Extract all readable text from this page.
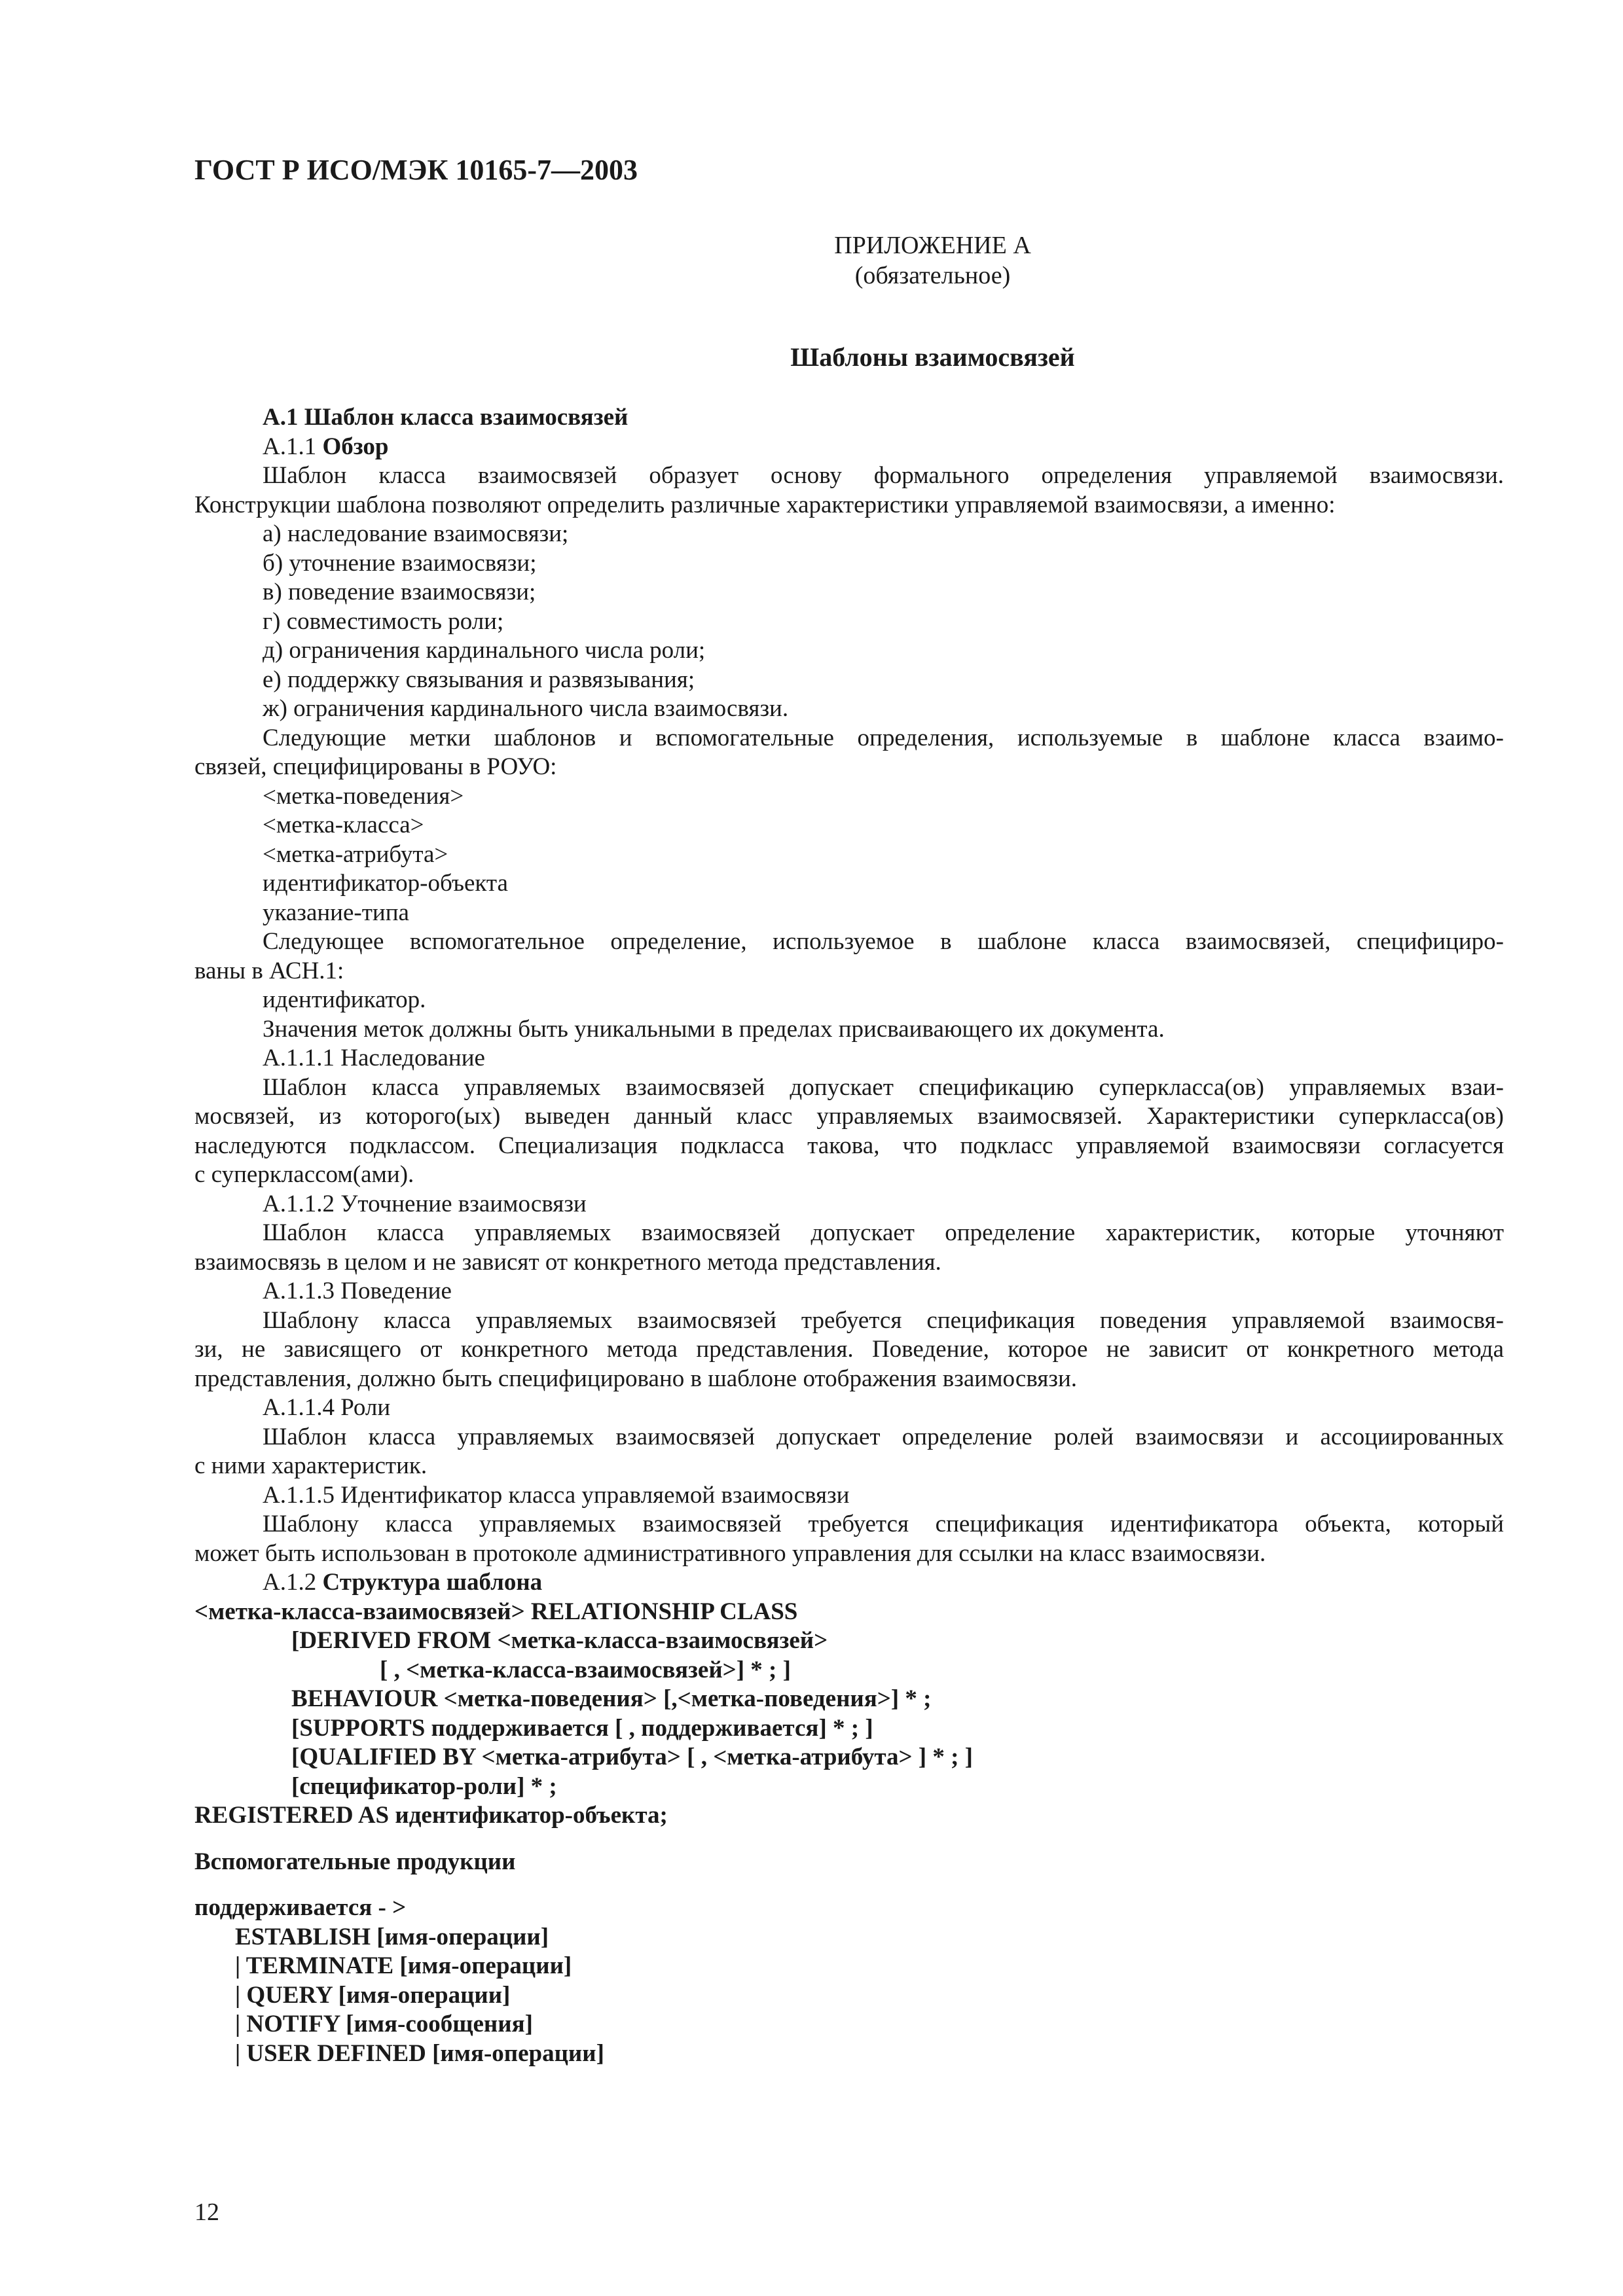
ГОСТ Р ИСО/МЭК 10165-7—2003
ПРИЛОЖЕНИЕ А
(обязательное)
Шаблоны взаимосвязей
А.1 Шаблон класса взаимосвязей
А.1.1 Обзор
Шаблон класса взаимосвязей образует основу формального определения управляемой взаимосвязи.
Конструкции шаблона позволяют определить различные характеристики управляемой взаимосвязи, а именно:
а) наследование взаимосвязи;
б) уточнение взаимосвязи;
в) поведение взаимосвязи;
г) совместимость роли;
д) ограничения кардинального числа роли;
е) поддержку связывания и развязывания;
ж) ограничения кардинального числа взаимосвязи.
Следующие метки шаблонов и вспомогательные определения, используемые в шаблоне класса взаимо-
связей, специфицированы в РОУО:
<метка-поведения>
<метка-класса>
<метка-атрибута>
идентификатор-объекта
указание-типа
Следующее вспомогательное определение, используемое в шаблоне класса взаимосвязей, специфициро-
ваны в АСН.1:
идентификатор.
Значения меток должны быть уникальными в пределах присваивающего их документа.
А.1.1.1 Наследование
Шаблон класса управляемых взаимосвязей допускает спецификацию суперкласса(ов) управляемых взаи-
мосвязей, из которого(ых) выведен данный класс управляемых взаимосвязей. Характеристики суперкласса(ов)
наследуются подклассом. Специализация подкласса такова, что подкласс управляемой взаимосвязи согласуется
с суперклассом(ами).
А.1.1.2 Уточнение взаимосвязи
Шаблон класса управляемых взаимосвязей допускает определение характеристик, которые уточняют
взаимосвязь в целом и не зависят от конкретного метода представления.
А.1.1.3 Поведение
Шаблону класса управляемых взаимосвязей требуется спецификация поведения управляемой взаимосвя-
зи, не зависящего от конкретного метода представления. Поведение, которое не зависит от конкретного метода
представления, должно быть специфицировано в шаблоне отображения взаимосвязи.
А.1.1.4 Роли
Шаблон класса управляемых взаимосвязей допускает определение ролей взаимосвязи и ассоциированных
с ними характеристик.
А.1.1.5 Идентификатор класса управляемой взаимосвязи
Шаблону класса управляемых взаимосвязей требуется спецификация идентификатора объекта, который
может быть использован в протоколе административного управления для ссылки на класс взаимосвязи.
А.1.2 Структура шаблона
<метка-класса-взаимосвязей> RELATIONSHIP CLASS
[DERIVED FROM <метка-класса-взаимосвязей>
[ , <метка-класса-взаимосвязей>] * ; ]
BEHAVIOUR <метка-поведения> [,<метка-поведения>] * ;
[SUPPORTS поддерживается [ , поддерживается] * ; ]
[QUALIFIED BY <метка-атрибута> [ , <метка-атрибута> ] * ; ]
[спецификатор-роли] * ;
REGISTERED AS идентификатор-объекта;
Вспомогательные продукции
поддерживается - >
ESTABLISH [имя-операции]
| TERMINATE [имя-операции]
| QUERY [имя-операции]
| NOTIFY [имя-сообщения]
| USER DEFINED [имя-операции]
12
